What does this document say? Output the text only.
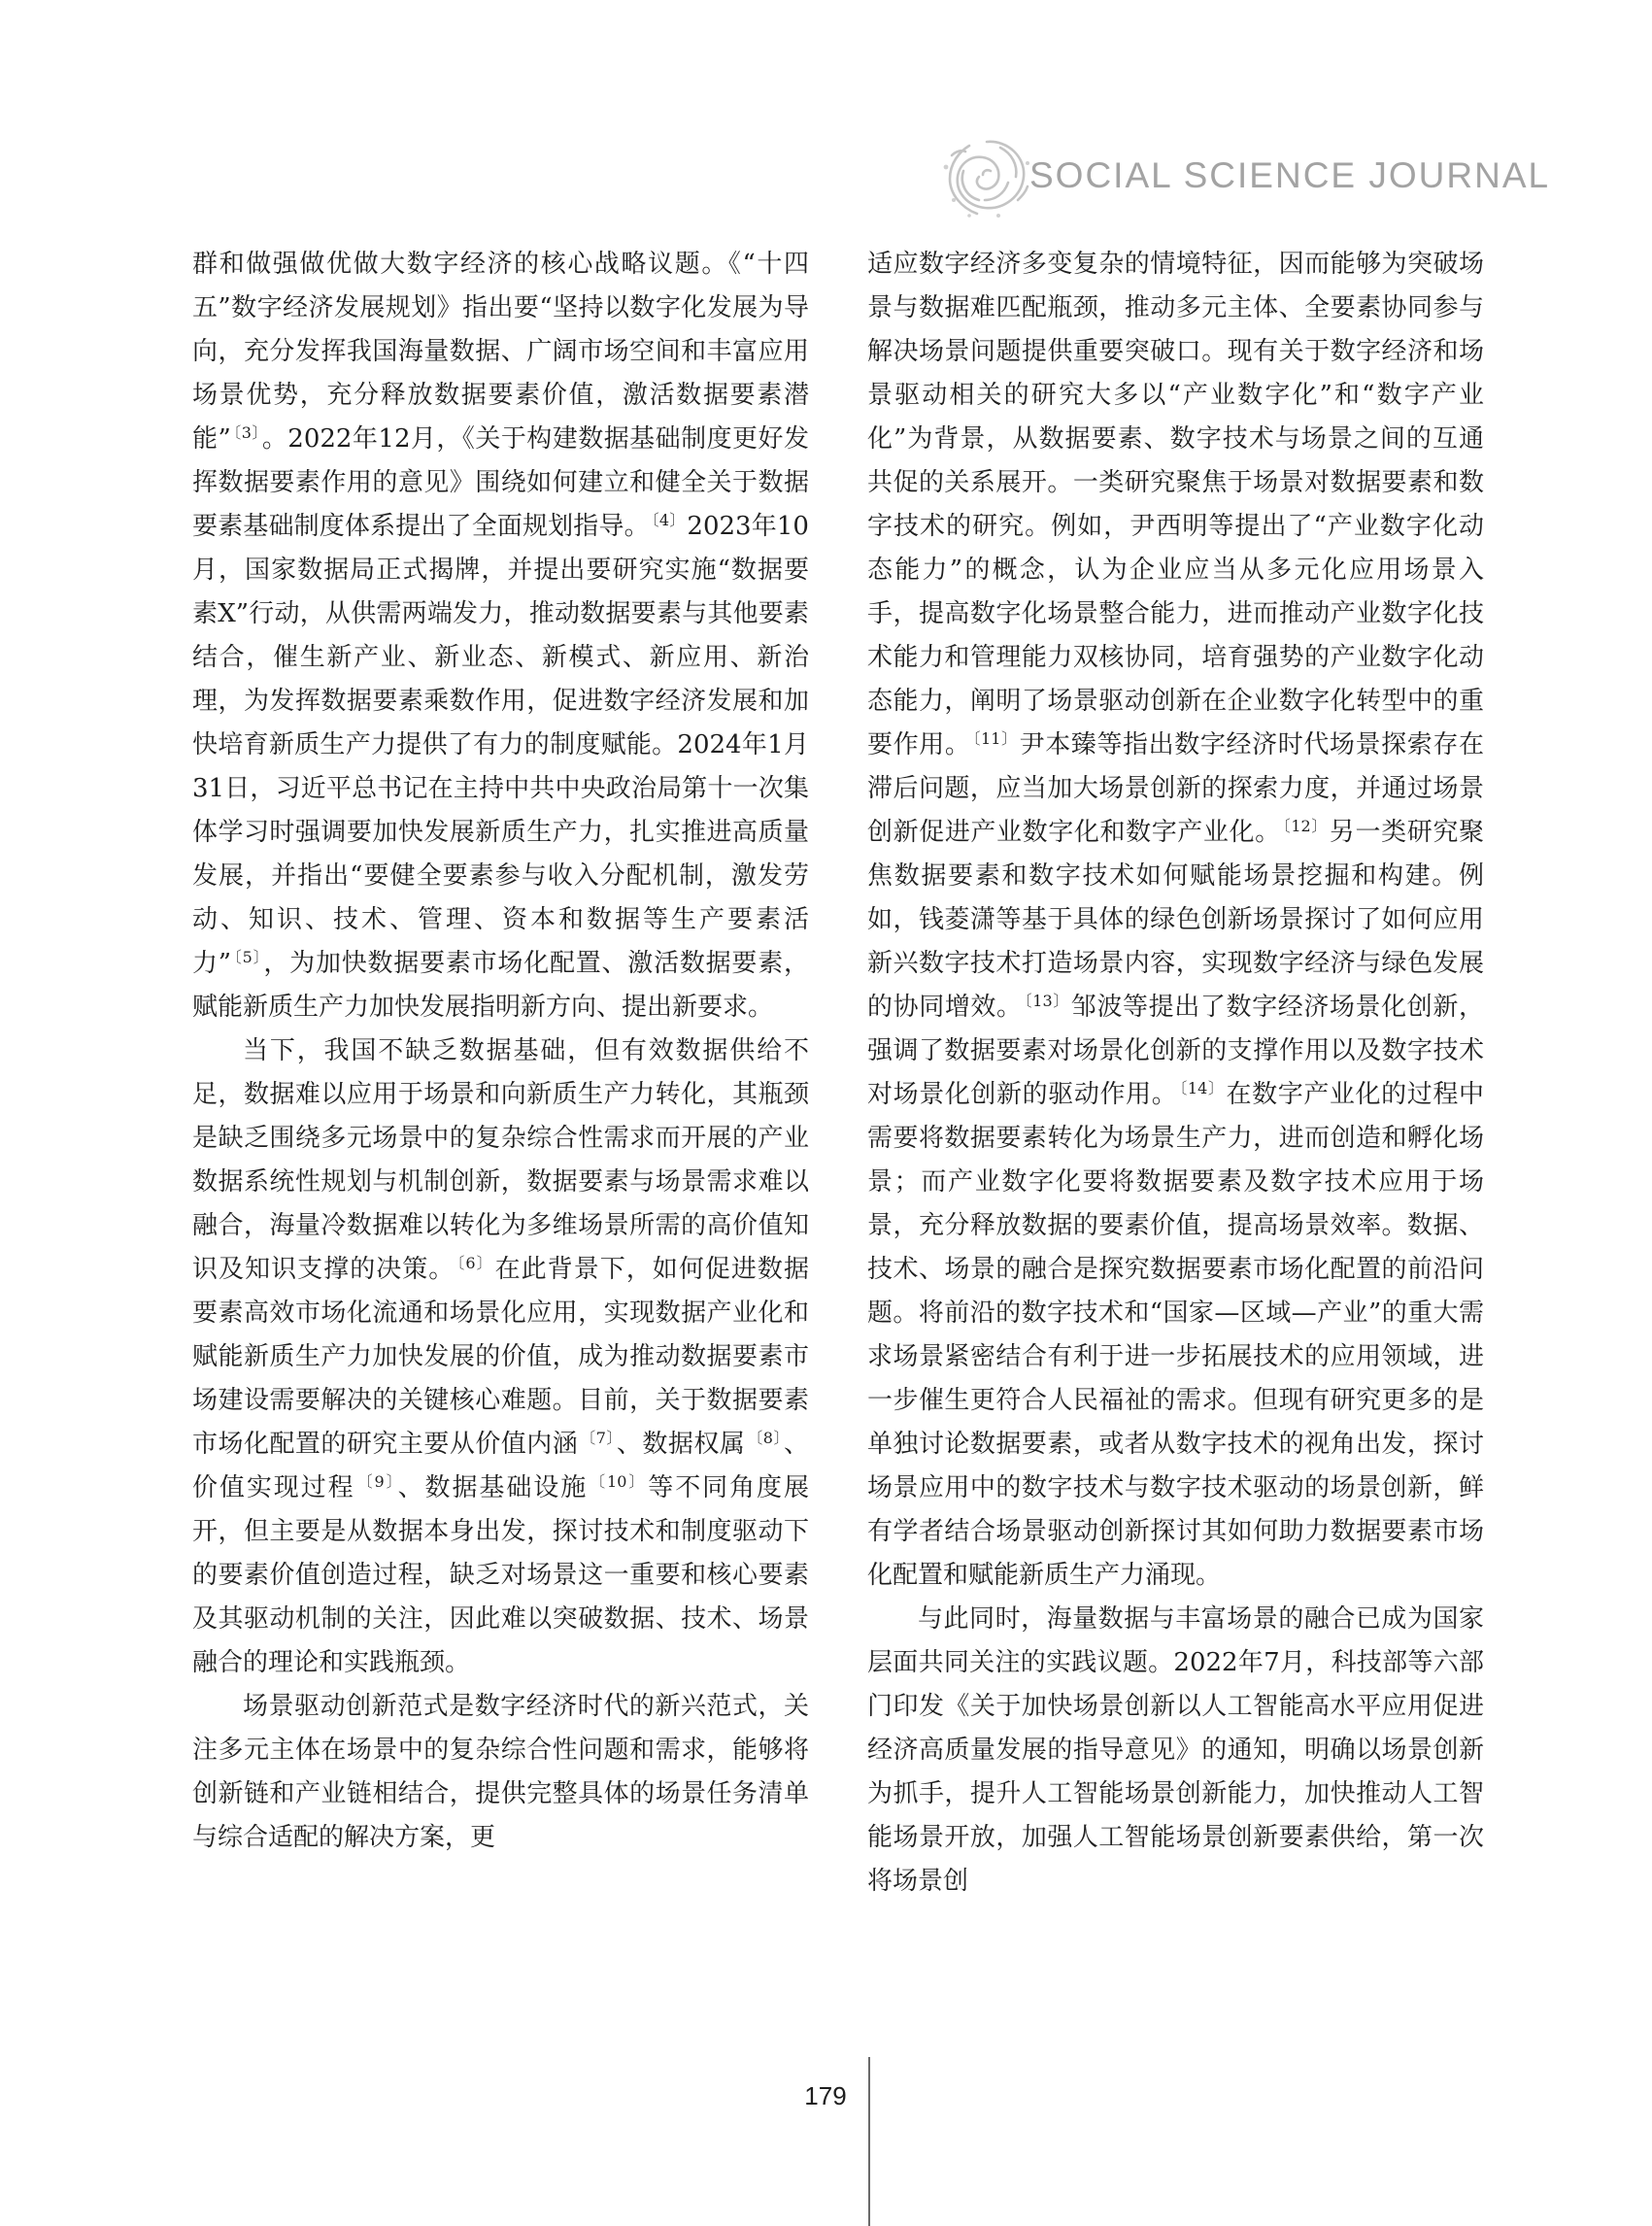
SOCIAL SCIENCE JOURNAL

群和做强做优做大数字经济的核心战略议题。《“十四五”数字经济发展规划》指出要“坚持以数字化发展为导向，充分发挥我国海量数据、广阔市场空间和丰富应用场景优势，充分释放数据要素价值，激活数据要素潜能” $^{〔3〕}$。2022年12月，《关于构建数据基础制度更好发挥数据要素作用的意见》围绕如何建立和健全关于数据要素基础制度体系提出了全面规划指导。 $^{〔4〕}$2023年10月，国家数据局正式揭牌，并提出要研究实施“数据要素X”行动，从供需两端发力，推动数据要素与其他要素结合，催生新产业、新业态、新模式、新应用、新治理，为发挥数据要素乘数作用，促进数字经济发展和加快培育新质生产力提供了有力的制度赋能。2024年1月31日，习近平总书记在主持中共中央政治局第十一次集体学习时强调要加快发展新质生产力，扎实推进高质量发展，并指出“要健全要素参与收入分配机制，激发劳动、知识、技术、管理、资本和数据等生产要素活力” $^{〔5〕}$，为加快数据要素市场化配置、激活数据要素，赋能新质生产力加快发展指明新方向、提出新要求。

当下，我国不缺乏数据基础，但有效数据供给不足，数据难以应用于场景和向新质生产力转化，其瓶颈是缺乏围绕多元场景中的复杂综合性需求而开展的产业数据系统性规划与机制创新，数据要素与场景需求难以融合，海量冷数据难以转化为多维场景所需的高价值知识及知识支撑的决策。 $^{〔6〕}$在此背景下，如何促进数据要素高效市场化流通和场景化应用，实现数据产业化和赋能新质生产力加快发展的价值，成为推动数据要素市场建设需要解决的关键核心难题。目前，关于数据要素市场化配置的研究主要从价值内涵 $^{〔7〕}$、数据权属 $^{〔8〕}$、价值实现过程 $^{〔9〕}$、数据基础设施 $^{〔10〕}$等不同角度展开，但主要是从数据本身出发，探讨技术和制度驱动下的要素价值创造过程，缺乏对场景这一重要和核心要素及其驱动机制的关注，因此难以突破数据、技术、场景融合的理论和实践瓶颈。

场景驱动创新范式是数字经济时代的新兴范式，关注多元主体在场景中的复杂综合性问题和需求，能够将创新链和产业链相结合，提供完整具体的场景任务清单与综合适配的解决方案，更

适应数字经济多变复杂的情境特征，因而能够为突破场景与数据难匹配瓶颈，推动多元主体、全要素协同参与解决场景问题提供重要突破口。现有关于数字经济和场景驱动相关的研究大多以“产业数字化”和“数字产业化”为背景，从数据要素、数字技术与场景之间的互通共促的关系展开。一类研究聚焦于场景对数据要素和数字技术的研究。例如，尹西明等提出了“产业数字化动态能力”的概念，认为企业应当从多元化应用场景入手，提高数字化场景整合能力，进而推动产业数字化技术能力和管理能力双核协同，培育强势的产业数字化动态能力，阐明了场景驱动创新在企业数字化转型中的重要作用。 $^{〔11〕}$尹本臻等指出数字经济时代场景探索存在滞后问题，应当加大场景创新的探索力度，并通过场景创新促进产业数字化和数字产业化。 $^{〔12〕}$另一类研究聚焦数据要素和数字技术如何赋能场景挖掘和构建。例如，钱菱潇等基于具体的绿色创新场景探讨了如何应用新兴数字技术打造场景内容，实现数字经济与绿色发展的协同增效。 $^{〔13〕}$邹波等提出了数字经济场景化创新，强调了数据要素对场景化创新的支撑作用以及数字技术对场景化创新的驱动作用。 $^{〔14〕}$在数字产业化的过程中需要将数据要素转化为场景生产力，进而创造和孵化场景；而产业数字化要将数据要素及数字技术应用于场景，充分释放数据的要素价值，提高场景效率。数据、技术、场景的融合是探究数据要素市场化配置的前沿问题。将前沿的数字技术和“国家—区域—产业”的重大需求场景紧密结合有利于进一步拓展技术的应用领域，进一步催生更符合人民福祉的需求。但现有研究更多的是单独讨论数据要素，或者从数字技术的视角出发，探讨场景应用中的数字技术与数字技术驱动的场景创新，鲜有学者结合场景驱动创新探讨其如何助力数据要素市场化配置和赋能新质生产力涌现。

与此同时，海量数据与丰富场景的融合已成为国家层面共同关注的实践议题。2022年7月，科技部等六部门印发《关于加快场景创新以人工智能高水平应用促进经济高质量发展的指导意见》的通知，明确以场景创新为抓手，提升人工智能场景创新能力，加快推动人工智能场景开放，加强人工智能场景创新要素供给，第一次将场景创

179
